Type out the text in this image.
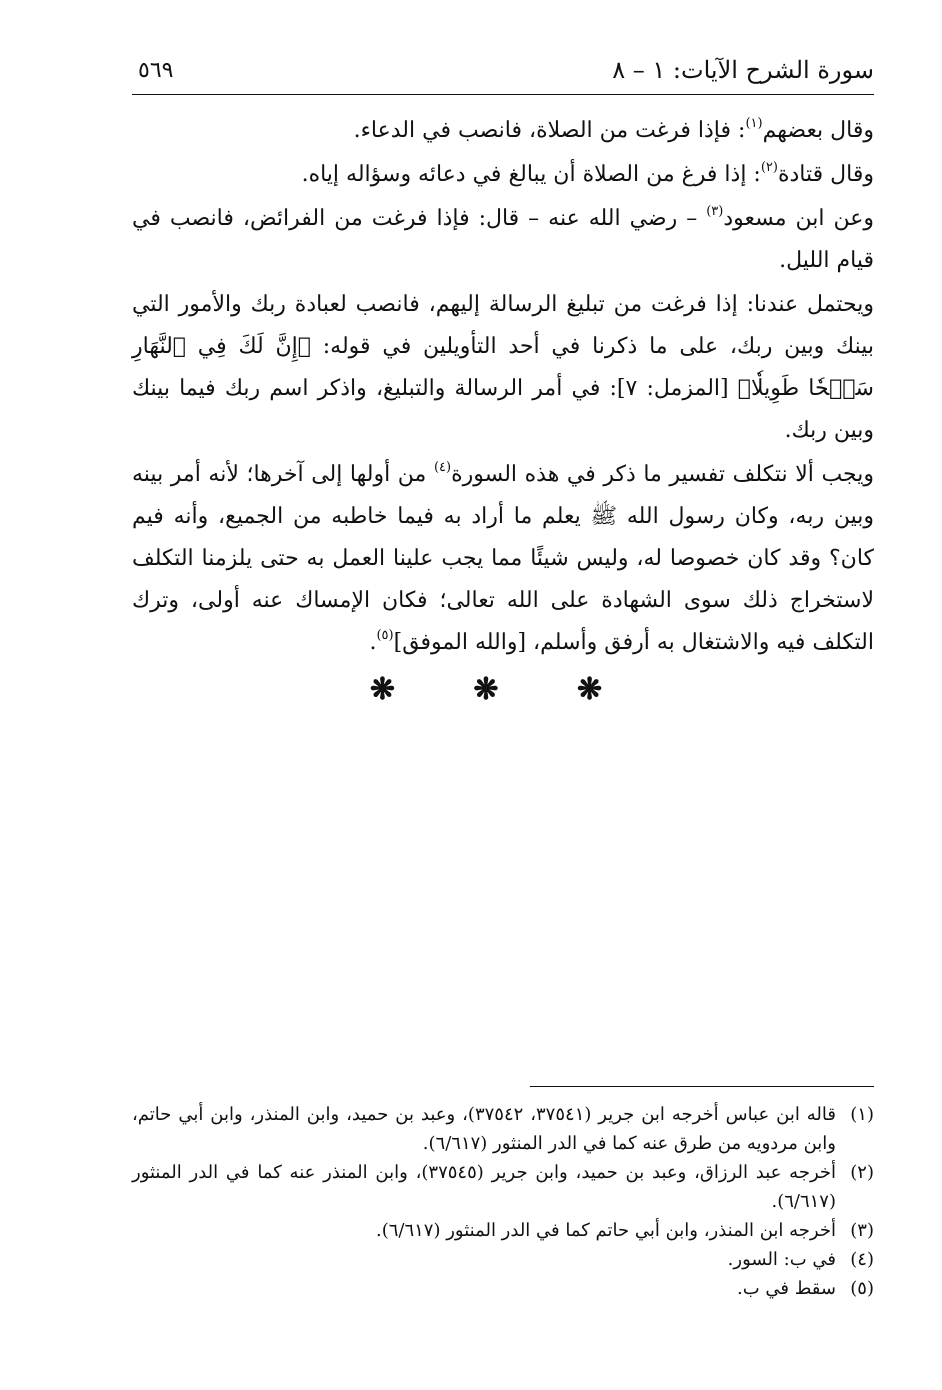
سورة الشرح الآيات: ١ – ٨
٥٦٩

وقال بعضهم$^{(١)}$: فإذا فرغت من الصلاة، فانصب في الدعاء.

وقال قتادة$^{(٢)}$: إذا فرغ من الصلاة أن يبالغ في دعائه وسؤاله إياه.

وعن ابن مسعود$^{(٣)}$ – رضي الله عنه – قال: فإذا فرغت من الفرائض، فانصب في قيام الليل.

ويحتمل عندنا: إذا فرغت من تبليغ الرسالة إليهم، فانصب لعبادة ربك والأمور التي بينك وبين ربك، على ما ذكرنا في أحد التأويلين في قوله: ﴿إِنَّ لَكَ فِي ٱلنَّهَارِ سَبۡحٗا طَوِيلٗا﴾ [المزمل: ٧]: في أمر الرسالة والتبليغ، واذكر اسم ربك فيما بينك وبين ربك.

ويجب ألا نتكلف تفسير ما ذكر في هذه السورة$^{(٤)}$ من أولها إلى آخرها؛ لأنه أمر بينه وبين ربه، وكان رسول الله ﷺ يعلم ما أراد به فيما خاطبه من الجميع، وأنه فيم كان؟ وقد كان خصوصا له، وليس شيئًا مما يجب علينا العمل به حتى يلزمنا التكلف لاستخراج ذلك سوى الشهادة على الله تعالى؛ فكان الإمساك عنه أولى، وترك التكلف فيه والاشتغال به أرفق وأسلم، [والله الموفق]$^{(٥)}$.

❋ ❋ ❋
(١)
قاله ابن عباس أخرجه ابن جرير (٣٧٥٤١، ٣٧٥٤٢)، وعبد بن حميد، وابن المنذر، وابن أبي حاتم، وابن مردويه من طرق عنه كما في الدر المنثور (٦/٦١٧).
(٢)
أخرجه عبد الرزاق، وعبد بن حميد، وابن جرير (٣٧٥٤٥)، وابن المنذر عنه كما في الدر المنثور (٦/٦١٧).
(٣)
أخرجه ابن المنذر، وابن أبي حاتم كما في الدر المنثور (٦/٦١٧).
(٤)
في ب: السور.
(٥)
سقط في ب.
